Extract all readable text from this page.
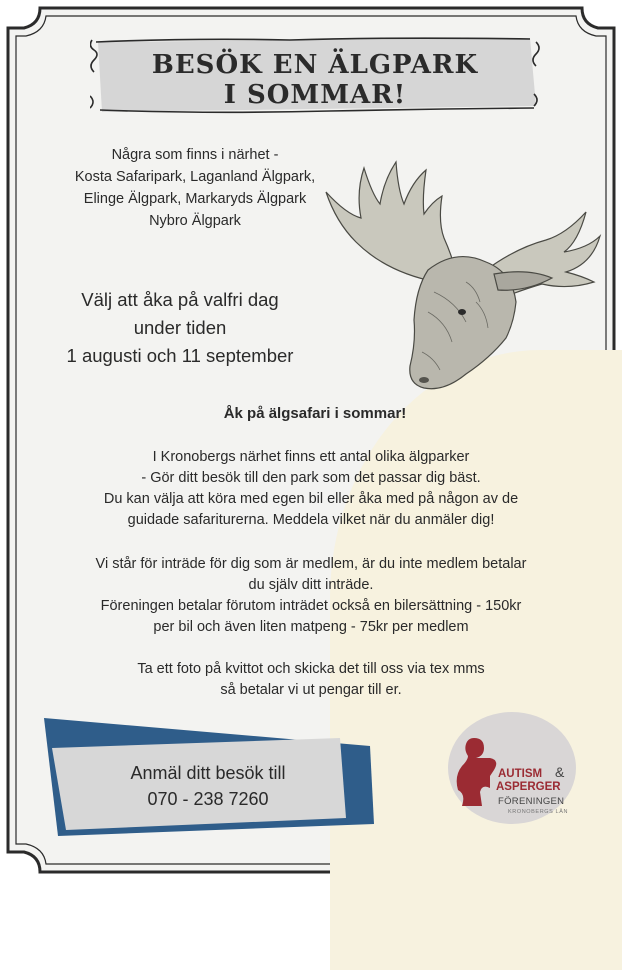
BESÖK EN ÄLGPARK
I SOMMAR!
Några som finns i närhet -
Kosta Safaripark, Laganland Älgpark,
Elinge Älgpark, Markaryds Älgpark
Nybro Älgpark
Välj att åka på valfri dag
under tiden
1 augusti och 11 september
Åk på älgsafari i sommar!
I Kronobergs närhet finns ett antal olika älgparker
- Gör ditt besök till den park som det passar dig bäst.
Du kan välja att köra med egen bil eller åka med på någon av de
guidade safariturerna. Meddela vilket när du anmäler dig!
Vi står för inträde för dig som är medlem, är du inte medlem betalar
du själv ditt inträde.
Föreningen betalar förutom inträdet också en bilersättning - 150kr
per bil och även liten matpeng - 75kr per medlem
Ta ett foto på kvittot och skicka det till oss via tex mms
så betalar vi ut pengar till er.
Anmäl ditt besök till
070 - 238 7260
AUTISM &
ASPERGER
FÖRENINGEN
KRONOBERGS LÄN
